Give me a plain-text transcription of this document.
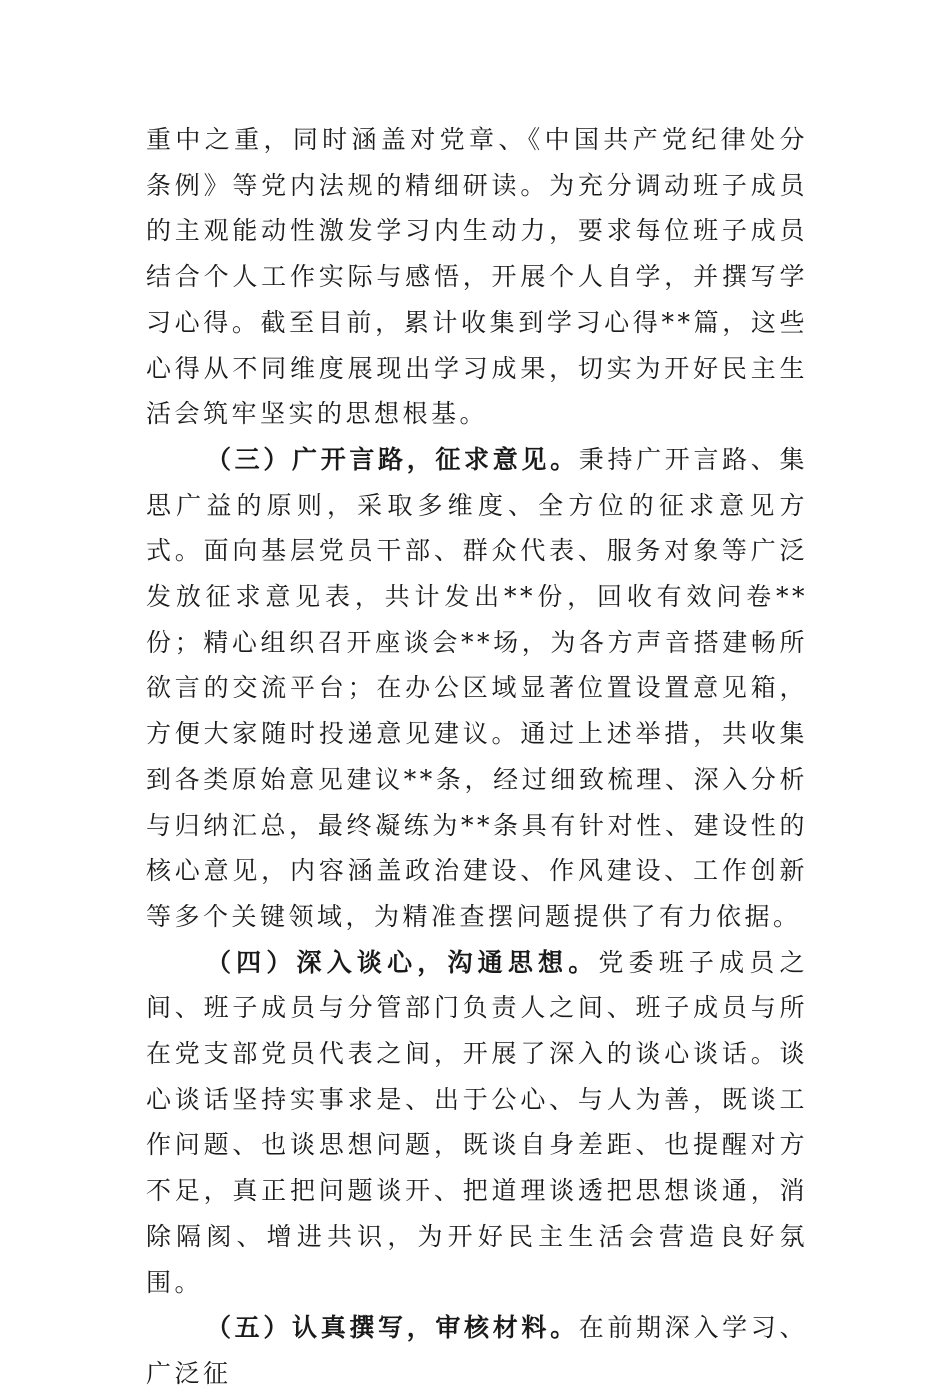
重中之重，同时涵盖对党章、《中国共产党纪律处分条例》等党内法规的精细研读。为充分调动班子成员的主观能动性激发学习内生动力，要求每位班子成员结合个人工作实际与感悟，开展个人自学，并撰写学习心得。截至目前，累计收集到学习心得**篇，这些心得从不同维度展现出学习成果，切实为开好民主生活会筑牢坚实的思想根基。

（三）广开言路，征求意见。秉持广开言路、集思广益的原则，采取多维度、全方位的征求意见方式。面向基层党员干部、群众代表、服务对象等广泛发放征求意见表，共计发出**份，回收有效问卷**份；精心组织召开座谈会**场，为各方声音搭建畅所欲言的交流平台；在办公区域显著位置设置意见箱，方便大家随时投递意见建议。通过上述举措，共收集到各类原始意见建议**条，经过细致梳理、深入分析与归纳汇总，最终凝练为**条具有针对性、建设性的核心意见，内容涵盖政治建设、作风建设、工作创新等多个关键领域，为精准查摆问题提供了有力依据。

（四）深入谈心，沟通思想。党委班子成员之间、班子成员与分管部门负责人之间、班子成员与所在党支部党员代表之间，开展了深入的谈心谈话。谈心谈话坚持实事求是、出于公心、与人为善，既谈工作问题、也谈思想问题，既谈自身差距、也提醒对方不足，真正把问题谈开、把道理谈透把思想谈通，消除隔阂、增进共识，为开好民主生活会营造良好氛围。

（五）认真撰写，审核材料。在前期深入学习、广泛征
